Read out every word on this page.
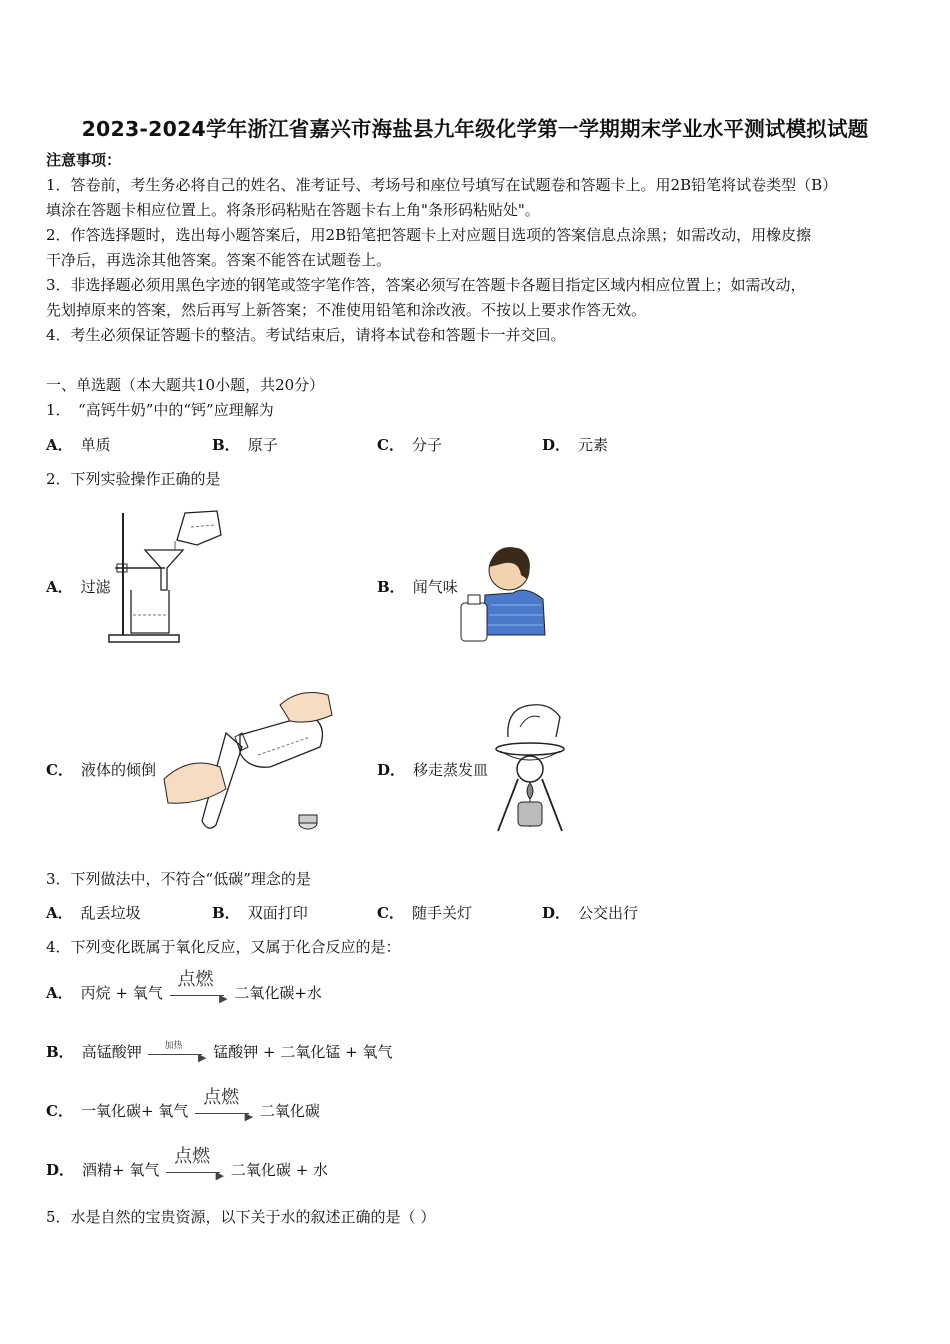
2023-2024学年浙江省嘉兴市海盐县九年级化学第一学期期末学业水平测试模拟试题
注意事项：
1．答卷前，考生务必将自己的姓名、准考证号、考场号和座位号填写在试题卷和答题卡上。用2B铅笔将试卷类型（B）
填涂在答题卡相应位置上。将条形码粘贴在答题卡右上角"条形码粘贴处"。
2．作答选择题时，选出每小题答案后，用2B铅笔把答题卡上对应题目选项的答案信息点涂黑；如需改动，用橡皮擦
干净后，再选涂其他答案。答案不能答在试题卷上。
3．非选择题必须用黑色字迹的钢笔或签字笔作答，答案必须写在答题卡各题目指定区域内相应位置上；如需改动，
先划掉原来的答案，然后再写上新答案；不准使用铅笔和涂改液。不按以上要求作答无效。
4．考生必须保证答题卡的整洁。考试结束后，请将本试卷和答题卡一并交回。
一、单选题（本大题共10小题，共20分）
1．　“高钙牛奶”中的“钙”应理解为
A． 单质	B． 原子	C． 分子	D． 元素
2．下列实验操作正确的是
A． 过滤	B． 闻气味
C． 液体的倾倒	D． 移走蒸发皿
3．下列做法中，不符合“低碳”理念的是
A． 乱丢垃圾	B． 双面打印	C． 随手关灯	D． 公交出行
4．下列变化既属于氧化反应，又属于化合反应的是：
A． 丙烷 + 氧气
点燃
▶ 二氧化碳+水
B． 高锰酸钾	加热
▶ 锰酸钾 + 二氧化锰 + 氧气
C． 一氧化碳+ 氧气
点燃
▶ 二氧化碳
D． 酒精+ 氧气
点燃
▶ 二氧化碳 + 水
5．水是自然的宝贵资源，以下关于水的叙述正确的是（ ）
